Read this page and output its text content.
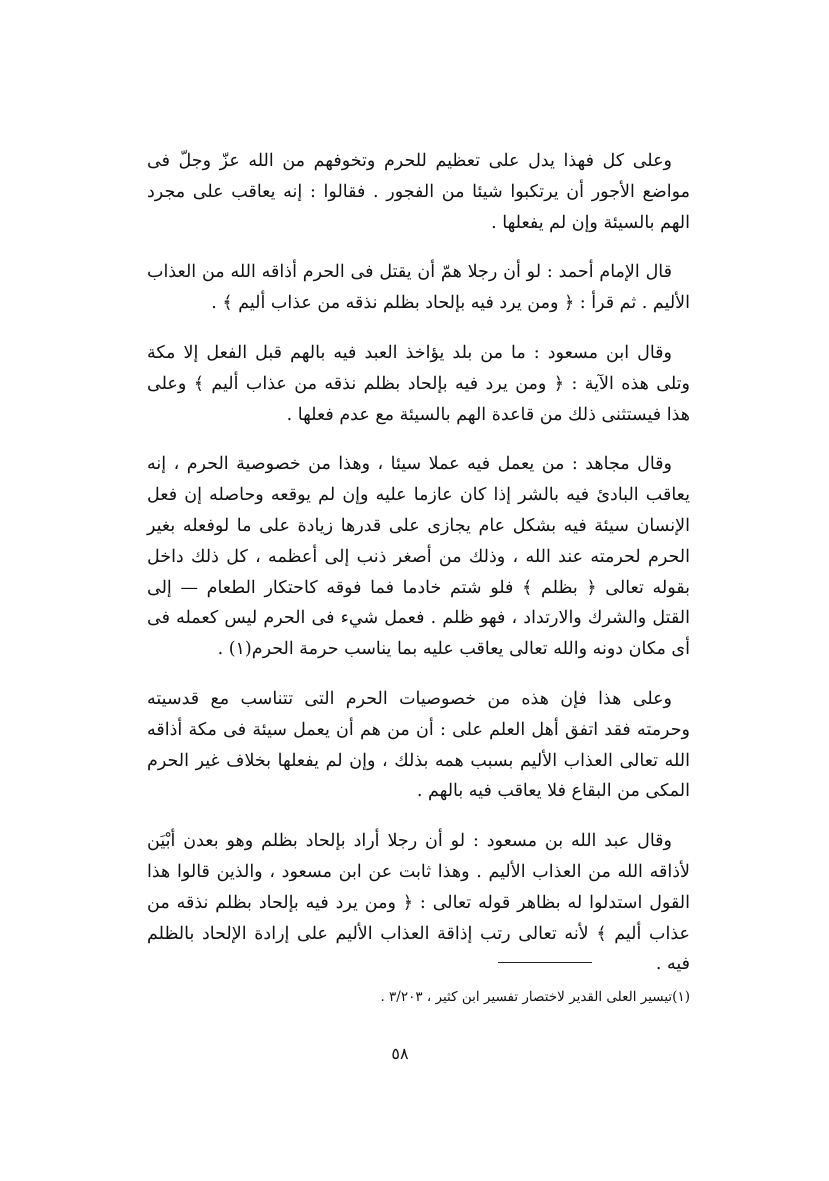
وعلى كل فهذا يدل على تعظيم للحرم وتخوفهم من الله عزّ وجلّ فى مواضع الأجور أن يرتكبوا شيئا من الفجور . فقالوا : إنه يعاقب على مجرد الهم بالسيئة وإن لم يفعلها .

قال الإمام أحمد : لو أن رجلا همّ أن يقتل فى الحرم أذاقه الله من العذاب الأليم . ثم قرأ : ﴿ ومن يرد فيه بإلحاد بظلم نذقه من عذاب أليم ﴾ .

وقال ابن مسعود : ما من بلد يؤاخذ العبد فيه بالهم قبل الفعل إلا مكة وتلى هذه الآية : ﴿ ومن يرد فيه بإلحاد بظلم نذقه من عذاب أليم ﴾ وعلى هذا فيستثنى ذلك من قاعدة الهم بالسيئة مع عدم فعلها .

وقال مجاهد : من يعمل فيه عملا سيئا ، وهذا من خصوصية الحرم ، إنه يعاقب البادئ فيه بالشر إذا كان عازما عليه وإن لم يوقعه وحاصله إن فعل الإنسان سيئة فيه بشكل عام يجازى على قدرها زيادة على ما لوفعله بغير الحرم لحرمته عند الله ، وذلك من أصغر ذنب إلى أعظمه ، كل ذلك داخل بقوله تعالى ﴿ بظلم ﴾ فلو شتم خادما فما فوقه كاحتكار الطعام — إلى القتل والشرك والارتداد ، فهو ظلم . فعمل شيء فى الحرم ليس كعمله فى أى مكان دونه والله تعالى يعاقب عليه بما يناسب حرمة الحرم(١) .

وعلى هذا فإن هذه من خصوصيات الحرم التى تتناسب مع قدسيته وحرمته فقد اتفق أهل العلم على : أن من هم أن يعمل سيئة فى مكة أذاقه الله تعالى العذاب الأليم بسبب همه بذلك ، وإن لم يفعلها بخلاف غير الحرم المكى من البقاع فلا يعاقب فيه بالهم .

وقال عبد الله بن مسعود : لو أن رجلا أراد بإلحاد بظلم وهو بعدن أبْيَن لأذاقه الله من العذاب الأليم . وهذا ثابت عن ابن مسعود ، والذين قالوا هذا القول استدلوا له بظاهر قوله تعالى : ﴿ ومن يرد فيه بإلحاد بظلم نذقه من عذاب أليم ﴾ لأنه تعالى رتب إذاقة العذاب الأليم على إرادة الإلحاد بالظلم فيه .

(١)تيسير العلى القدير لاختصار تفسير ابن كثير ، ٣/٢٠٣ .
٥٨
